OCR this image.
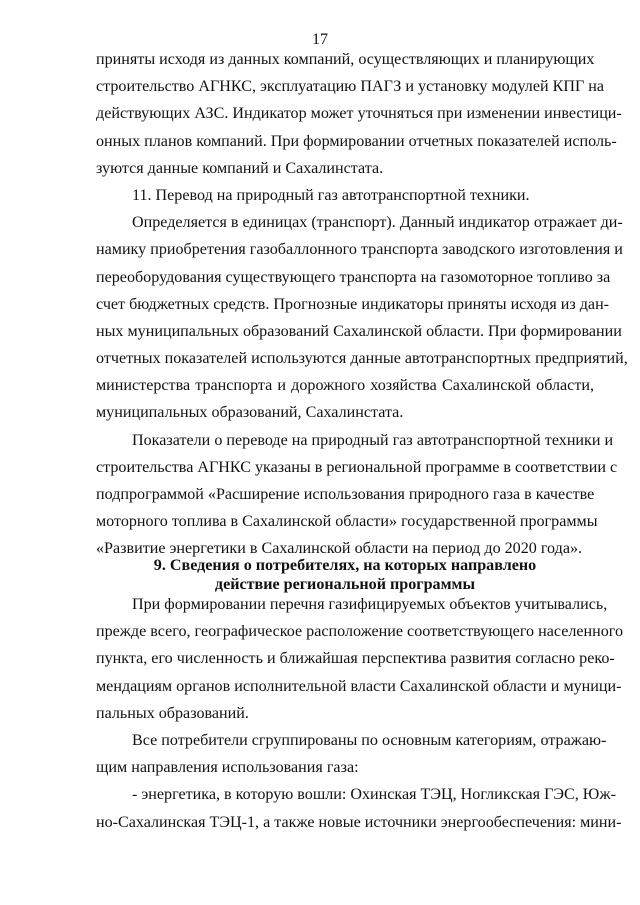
17
приняты исходя из данных компаний, осуществляющих и планирующих
строительство АГНКС, эксплуатацию ПАГЗ и установку модулей КПГ на
действующих АЗС. Индикатор может уточняться при изменении инвестици-
онных планов компаний. При формировании отчетных показателей исполь-
зуются данные компаний и Сахалинстата.
11. Перевод на природный газ автотранспортной техники.
Определяется в единицах (транспорт). Данный индикатор отражает ди-
намику приобретения газобаллонного транспорта заводского изготовления и
переоборудования существующего транспорта на газомоторное топливо за
счет бюджетных средств. Прогнозные индикаторы приняты исходя из дан-
ных муниципальных образований Сахалинской области. При формировании
отчетных показателей используются данные автотранспортных предприятий,
министерства транспорта и дорожного хозяйства Сахалинской области,
муниципальных образований, Сахалинстата.
Показатели о переводе на природный газ автотранспортной техники и
строительства АГНКС указаны в региональной программе в соответствии с
подпрограммой «Расширение использования природного газа в качестве
моторного топлива в Сахалинской области» государственной программы
«Развитие энергетики в Сахалинской области на период до 2020 года».
9. Сведения о потребителях, на которых направлено
действие региональной программы
При формировании перечня газифицируемых объектов учитывались,
прежде всего, географическое расположение соответствующего населенного
пункта, его численность и ближайшая перспектива развития согласно реко-
мендациям органов исполнительной власти Сахалинской области и муници-
пальных образований.
Все потребители сгруппированы по основным категориям, отражаю-
щим направления использования газа:
- энергетика, в которую вошли: Охинская ТЭЦ, Ноглиĸская ГЭС, Юж-
но-Сахалинская ТЭЦ-1, а также новые источники энергообеспечения: мини-
